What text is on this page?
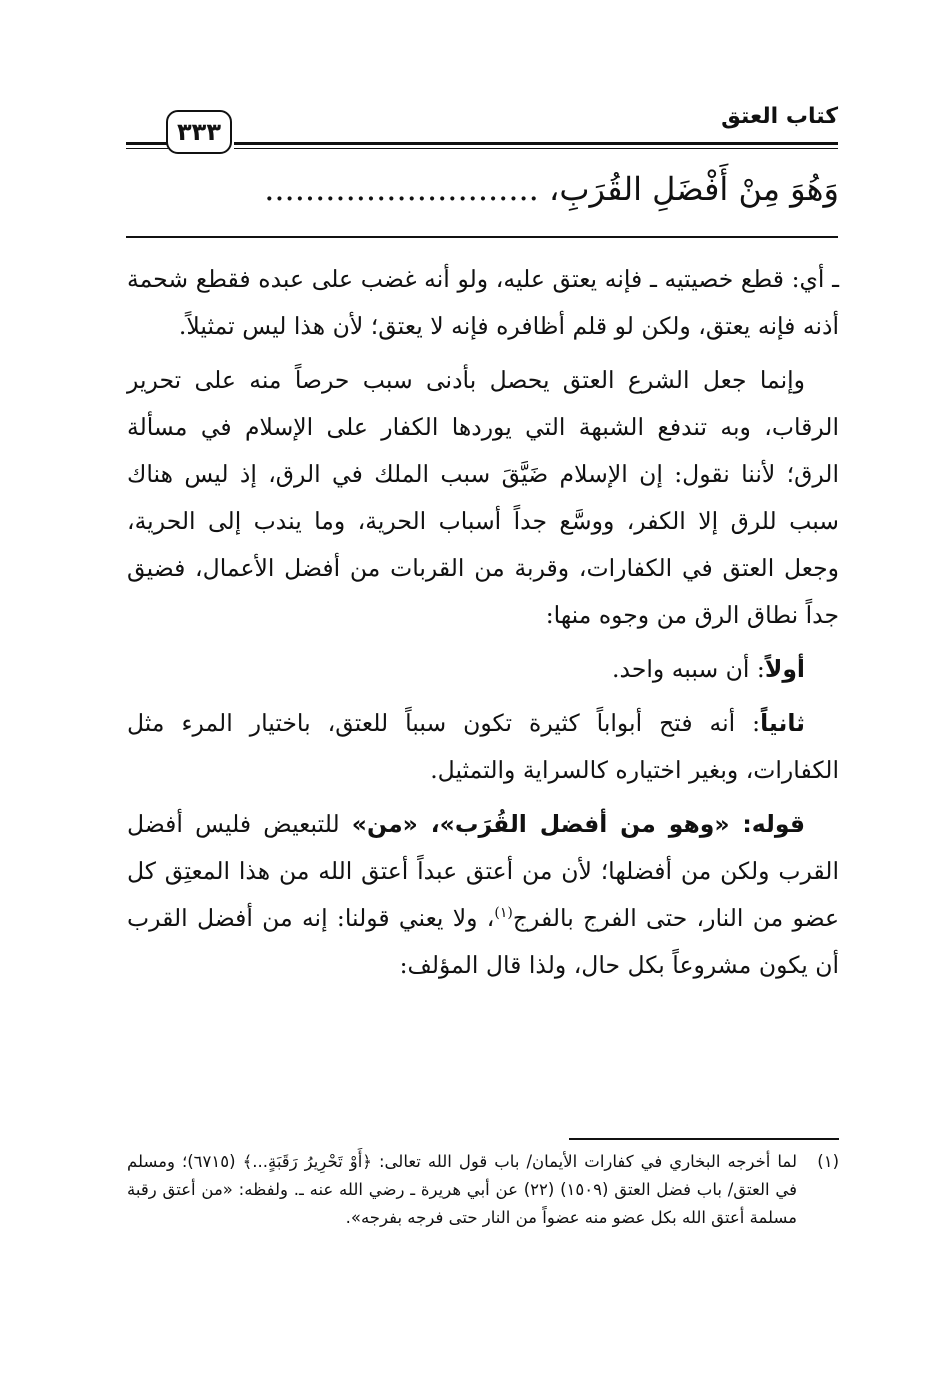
كتاب العتق
٣٣٣
وَهُوَ مِنْ أَفْضَلِ القُرَبِ، ...........................

ـ أي: قطع خصيتيه ـ فإنه يعتق عليه، ولو أنه غضب على عبده فقطع شحمة أذنه فإنه يعتق، ولكن لو قلم أظافره فإنه لا يعتق؛ لأن هذا ليس تمثيلاً.

وإنما جعل الشرع العتق يحصل بأدنى سبب حرصاً منه على تحرير الرقاب، وبه تندفع الشبهة التي يوردها الكفار على الإسلام في مسألة الرق؛ لأننا نقول: إن الإسلام ضَيَّقَ سبب الملك في الرق، إذ ليس هناك سبب للرق إلا الكفر، ووسَّع جداً أسباب الحرية، وما يندب إلى الحرية، وجعل العتق في الكفارات، وقربة من القربات من أفضل الأعمال، فضيق جداً نطاق الرق من وجوه منها:

أولاً: أن سببه واحد.

ثانياً: أنه فتح أبواباً كثيرة تكون سبباً للعتق، باختيار المرء مثل الكفارات، وبغير اختياره كالسراية والتمثيل.

قوله: «وهو من أفضل القُرَب»، «من» للتبعيض فليس أفضل القرب ولكن من أفضلها؛ لأن من أعتق عبداً أعتق الله من هذا المعتِق كل عضو من النار، حتى الفرج بالفرج$^{(١)}$، ولا يعني قولنا: إنه من أفضل القرب أن يكون مشروعاً بكل حال، ولذا قال المؤلف:

(١)
لما أخرجه البخاري في كفارات الأيمان/ باب قول الله تعالى: ﴿أَوْ تَحْرِيرُ رَقَبَةٍ...﴾ (٦٧١٥)؛ ومسلم في العتق/ باب فضل العتق (١٥٠٩) (٢٢) عن أبي هريرة ـ رضي الله عنه ـ. ولفظه: «من أعتق رقبة مسلمة أعتق الله بكل عضو منه عضواً من النار حتى فرجه بفرجه».
